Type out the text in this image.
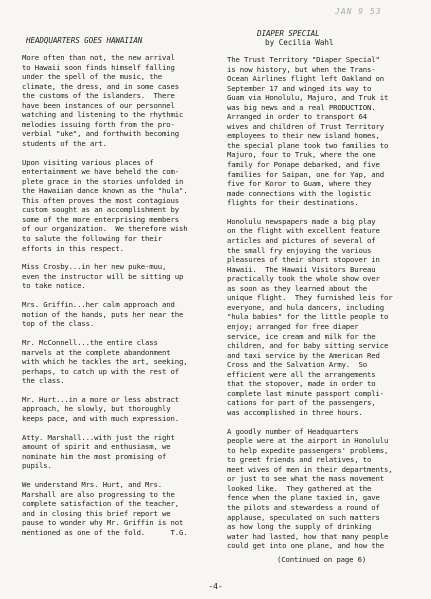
HEADQUARTERS GOES HAWAIIAN
More often than not, the new arrival
to Hawaii soon finds himself falling
under the spell of the music, the
climate, the dress, and in some cases
the customs of the islanders.  There
have been instances of our personnel
watching and listening to the rhythmic
melodies issuing forth from the pro-
verbial "uke", and forthwith becoming
students of the art.
Upon visiting various places of
entertainment we have beheld the com-
plete grace in the stories unfolded in
the Hawaiian dance known as the "hula".
This often proves the most contagious
custom sought as an accomplishment by
some of the more enterprising members
of our organization.  We therefore wish
to salute the following for their
efforts in this respect.
Miss Crosby...in her new puke-muu,
even the instructor will be sitting up
to take notice.
Mrs. Griffin...her calm approach and
motion of the hands, puts her near the
top of the class.
Mr. McConnell...the entire class
marvels at the complete abandonment
with which he tackles the art, seeking,
perhaps, to catch up with the rest of
the class.
Mr. Hurt...in a more or less abstract
approach, he slowly, but thoroughly
keeps pace, and with much expression.
Atty. Marshall...with just the right
amount of spirit and enthusiasm, we
nominate him the most promising of
pupils.
We understand Mrs. Hurt, and Mrs.
Marshall are also progressing to the
complete satisfaction of the teacher,
and in closing this brief report we
pause to wonder why Mr. Griffin is not
mentioned as one of the fold.      T.G.
JAN 9 53
DIAPER SPECIAL
by Cecilia Wahl
The Trust Territory "Diaper Special"
is now history, but when the Trans-
Ocean Airlines flight left Oakland on
September 17 and winged its way to
Guam via Honolulu, Majuro, and Truk it
was big news and a real PRODUCTION.
Arranged in order to transport 64
wives and children of Trust Territory
employees to their new island homes,
the special plane took two families to
Majuro, four to Truk, where the one
family for Ponape debarked, and five
families for Saipan, one for Yap, and
five for Koror to Guam, where they
made connections with the logistic
flights for their destinations.
Honolulu newspapers made a big play
on the flight with excellent feature
articles and pictures of several of
the small fry enjoying the various
pleasures of their short stopover in
Hawaii.  The Hawaii Visitors Bureau
practically took the whole show over
as soon as they learned about the
unique flight.  They furnished leis for
everyone, and hula dancers, including
"hula babies" for the little people to
enjoy; arranged for free diaper
service, ice cream and milk for the
children, and for baby sitting service
and taxi service by the American Red
Cross and the Salvation Army.  So
efficient were all the arrangements
that the stopover, made in order to
complete last minute passport compli-
cations for part of the passengers,
was accomplished in three hours.
A goodly number of Headquarters
people were at the airport in Honolulu
to help expedite passengers' problems,
to greet friends and relatives, to
meet wives of men in their departments,
or just to see what the mass movement
looked like.  They gathered at the
fence when the plane taxied in, gave
the pilots and stewardess a round of
applause, speculated on such matters
as how long the supply of drinking
water had lasted, how that many people
could get into one plane, and how the
(Continued on page 6)
-4-
